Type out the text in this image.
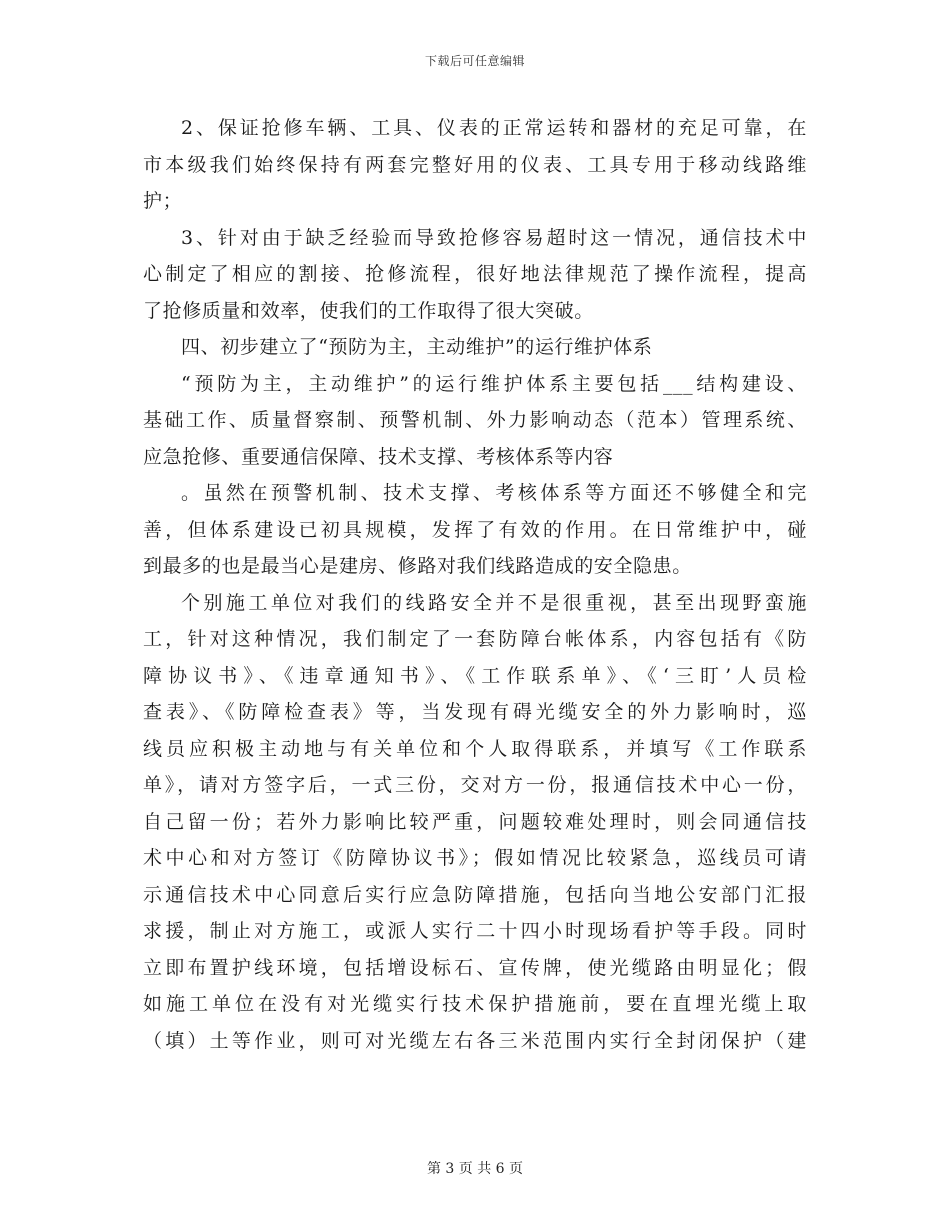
下载后可任意编辑
2、保证抢修车辆、工具、仪表的正常运转和器材的充足可靠，在
市本级我们始终保持有两套完整好用的仪表、工具专用于移动线路维
护；
3、针对由于缺乏经验而导致抢修容易超时这一情况，通信技术中
心制定了相应的割接、抢修流程，很好地法律规范了操作流程，提高
了抢修质量和效率，使我们的工作取得了很大突破。
四、初步建立了“预防为主，主动维护”的运行维护体系
“预防为主，主动维护”的运行维护体系主要包括___结构建设、
基础工作、质量督察制、预警机制、外力影响动态（范本）管理系统、
应急抢修、重要通信保障、技术支撑、考核体系等内容
。虽然在预警机制、技术支撑、考核体系等方面还不够健全和完
善，但体系建设已初具规模，发挥了有效的作用。在日常维护中，碰
到最多的也是最当心是建房、修路对我们线路造成的安全隐患。
个别施工单位对我们的线路安全并不是很重视，甚至出现野蛮施
工，针对这种情况，我们制定了一套防障台帐体系，内容包括有《防
障协议书》、《违章通知书》、《工作联系单》、《‘三盯’人员检
查表》、《防障检查表》等，当发现有碍光缆安全的外力影响时，巡
线员应积极主动地与有关单位和个人取得联系，并填写《工作联系
单》，请对方签字后，一式三份，交对方一份，报通信技术中心一份，
自己留一份；若外力影响比较严重，问题较难处理时，则会同通信技
术中心和对方签订《防障协议书》；假如情况比较紧急，巡线员可请
示通信技术中心同意后实行应急防障措施，包括向当地公安部门汇报
求援，制止对方施工，或派人实行二十四小时现场看护等手段。同时
立即布置护线环境，包括增设标石、宣传牌，使光缆路由明显化；假
如施工单位在没有对光缆实行技术保护措施前，要在直埋光缆上取
（填）土等作业，则可对光缆左右各三米范围内实行全封闭保护（建
第 3 页 共 6 页
